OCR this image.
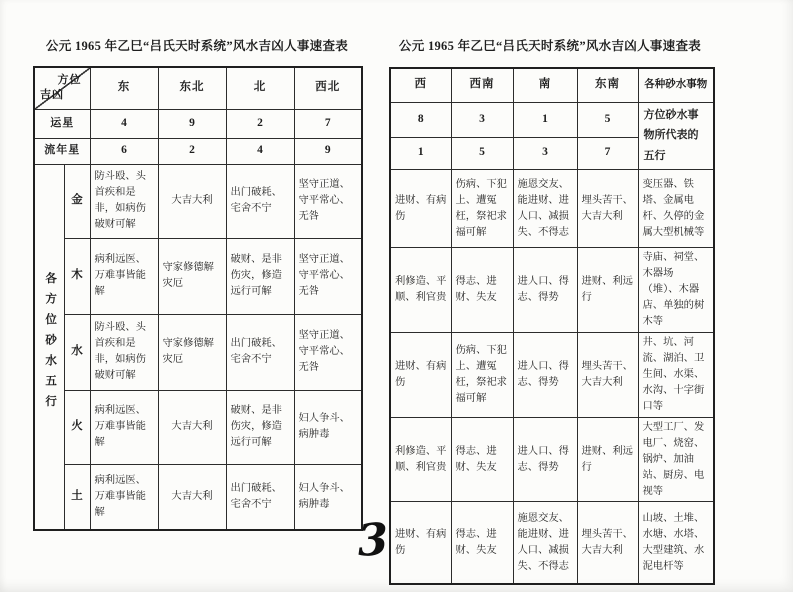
公元 1965 年乙巳“吕氏天时系统”风水吉凶人事速查表	公元 1965 年乙巳“吕氏天时系统”风水吉凶人事速查表
方位
吉凶		东	东北	北	西北
运星		4	9	2	7
流年星		6	2	4	9
各方位砂水五行	金	防斗殴、头首疾和是非，如病伤破财可解	大吉大利	出门破耗、宅舍不宁	坚守正道、守平常心、无咎
	木	病利远医、万难事皆能解	守家修德解灾厄	破财、是非伤灾，修造远行可解	坚守正道、守平常心、无咎
	水	防斗殴、头首疾和是非，如病伤破财可解	守家修德解灾厄	出门破耗、宅舍不宁	坚守正道、守平常心、无咎
	火	病利远医、万难事皆能解	大吉大利	破财、是非伤灾，修造远行可解	妇人争斗、病肿毒
	土	病利远医、万难事皆能解	大吉大利	出门破耗、宅舍不宁	妇人争斗、病肿毒
西	西南	南	东南	各种砂水事物
8	3	1	5	方位砂水事物所代表的五行
1	5	3	7	
进财、有病伤	伤病、下犯上、遭冤枉，祭祀求福可解	施恩交友、能进财、进人口、减损失、不得志	埋头苦干、大吉大利	变压器、铁塔、金属电杆、久停的金属大型机械等
利修造、平顺、利官贵	得志、进财、失友	进人口、得志、得势	进财、利远行	寺庙、祠堂、木器场（堆）、木器店、单独的树木等
进财、有病伤	伤病、下犯上、遭冤枉，祭祀求福可解	进人口、得志、得势	埋头苦干、大吉大利	井、坑、河流、湖泊、卫生间、水渠、水沟、十字街口等
利修造、平顺、利官贵	得志、进财、失友	进人口、得志、得势	进财、利远行	大型工厂、发电厂、烧窑、锅炉、加油站、厨房、电视等
进财、有病伤	得志、进财、失友	施恩交友、能进财、进人口、减损失、不得志	埋头苦干、大吉大利	山坡、土堆、水塘、水塔、大型建筑、水泥电杆等
3
